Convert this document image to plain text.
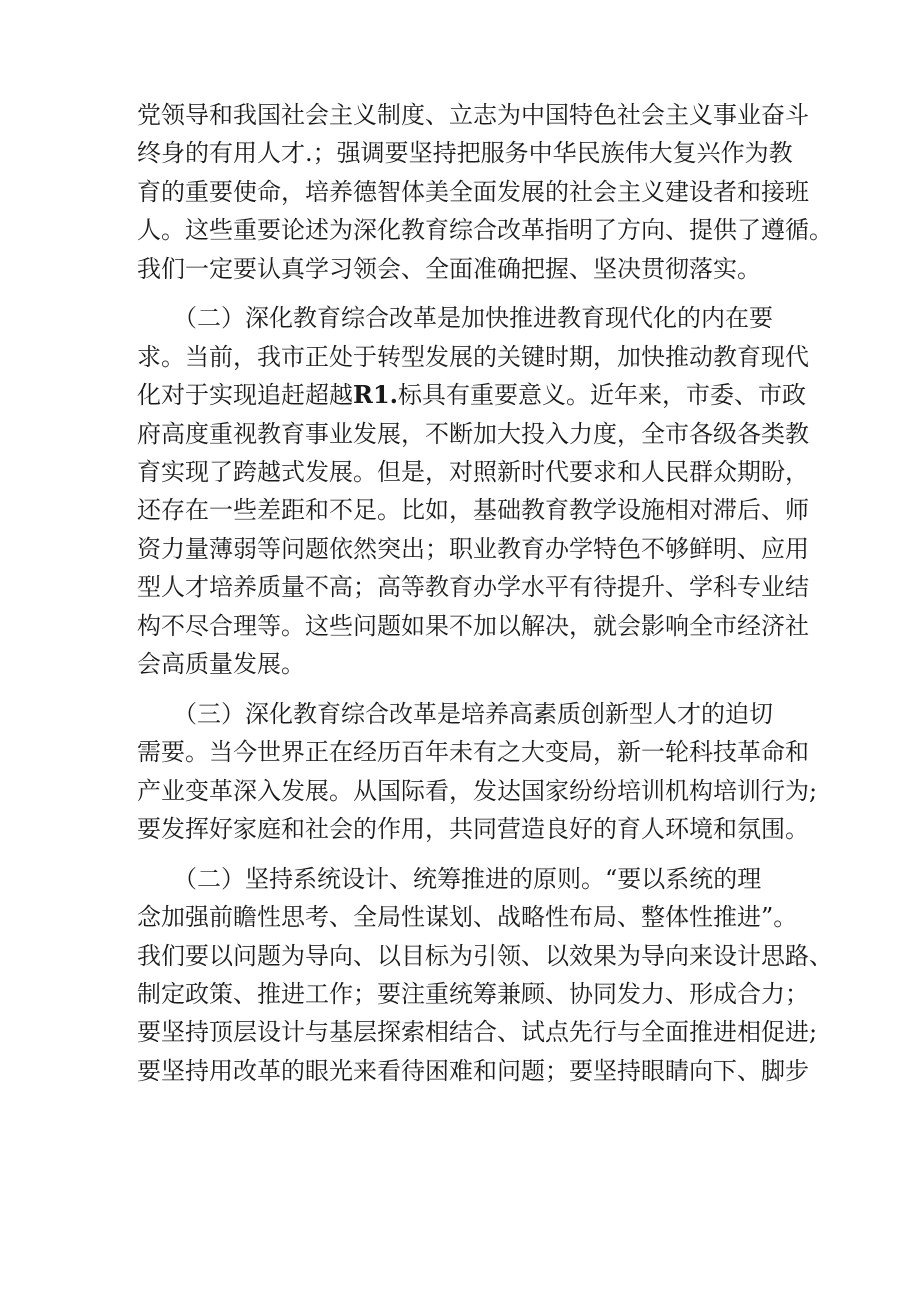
党领导和我国社会主义制度、立志为中国特色社会主义事业奋斗
终身的有用人才.；强调要坚持把服务中华民族伟大复兴作为教
育的重要使命，培养德智体美全面发展的社会主义建设者和接班
人。这些重要论述为深化教育综合改革指明了方向、提供了遵循。
我们一定要认真学习领会、全面准确把握、坚决贯彻落实。
　　（二）深化教育综合改革是加快推进教育现代化的内在要
求。当前，我市正处于转型发展的关键时期，加快推动教育现代
化对于实现追赶超越R1.标具有重要意义。近年来，市委、市政
府高度重视教育事业发展，不断加大投入力度，全市各级各类教
育实现了跨越式发展。但是，对照新时代要求和人民群众期盼，
还存在一些差距和不足。比如，基础教育教学设施相对滞后、师
资力量薄弱等问题依然突出；职业教育办学特色不够鲜明、应用
型人才培养质量不高；高等教育办学水平有待提升、学科专业结
构不尽合理等。这些问题如果不加以解决，就会影响全市经济社
会高质量发展。
　　（三）深化教育综合改革是培养高素质创新型人才的迫切
需要。当今世界正在经历百年未有之大变局，新一轮科技革命和
产业变革深入发展。从国际看，发达国家纷纷培训机构培训行为;
要发挥好家庭和社会的作用，共同营造良好的育人环境和氛围。
　　（二）坚持系统设计、统筹推进的原则。“要以系统的理
念加强前瞻性思考、全局性谋划、战略性布局、整体性推进”。
我们要以问题为导向、以目标为引领、以效果为导向来设计思路、
制定政策、推进工作；要注重统筹兼顾、协同发力、形成合力；
要坚持顶层设计与基层探索相结合、试点先行与全面推进相促进;
要坚持用改革的眼光来看待困难和问题；要坚持眼睛向下、脚步
